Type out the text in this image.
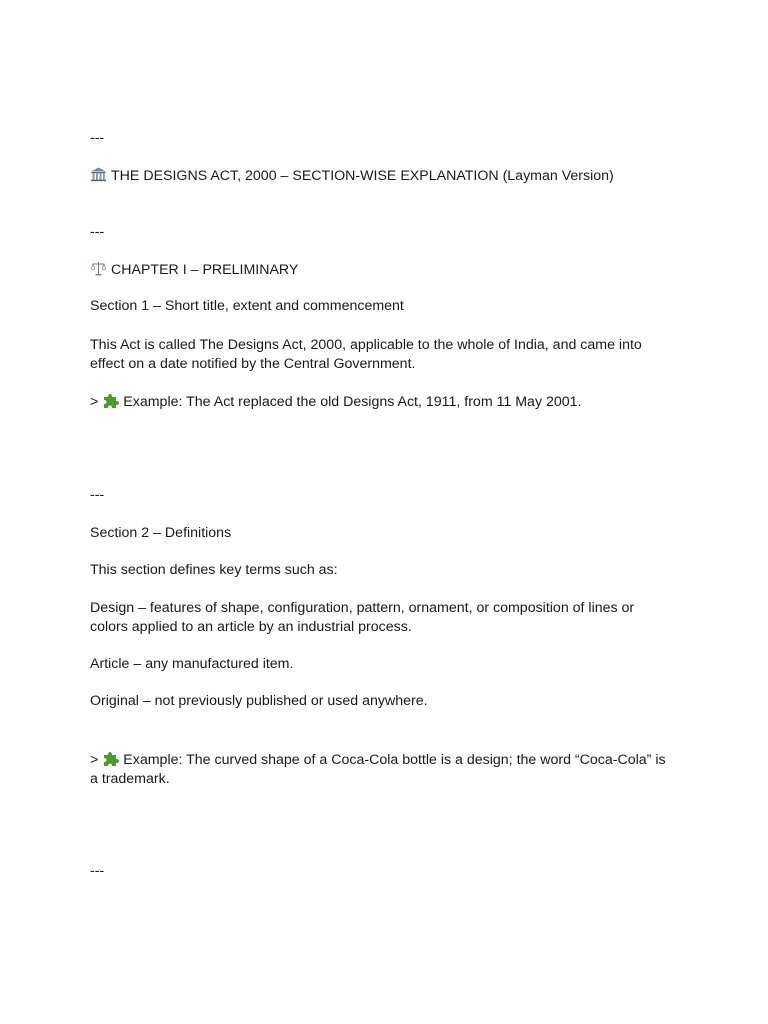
---
THE DESIGNS ACT, 2000 – SECTION-WISE EXPLANATION (Layman Version)
---
CHAPTER I – PRELIMINARY
Section 1 – Short title, extent and commencement
This Act is called The Designs Act, 2000, applicable to the whole of India, and came into effect on a date notified by the Central Government.
> Example: The Act replaced the old Designs Act, 1911, from 11 May 2001.
---
Section 2 – Definitions
This section defines key terms such as:
Design – features of shape, configuration, pattern, ornament, or composition of lines or colors applied to an article by an industrial process.
Article – any manufactured item.
Original – not previously published or used anywhere.
> Example: The curved shape of a Coca-Cola bottle is a design; the word “Coca-Cola” is a trademark.
---
